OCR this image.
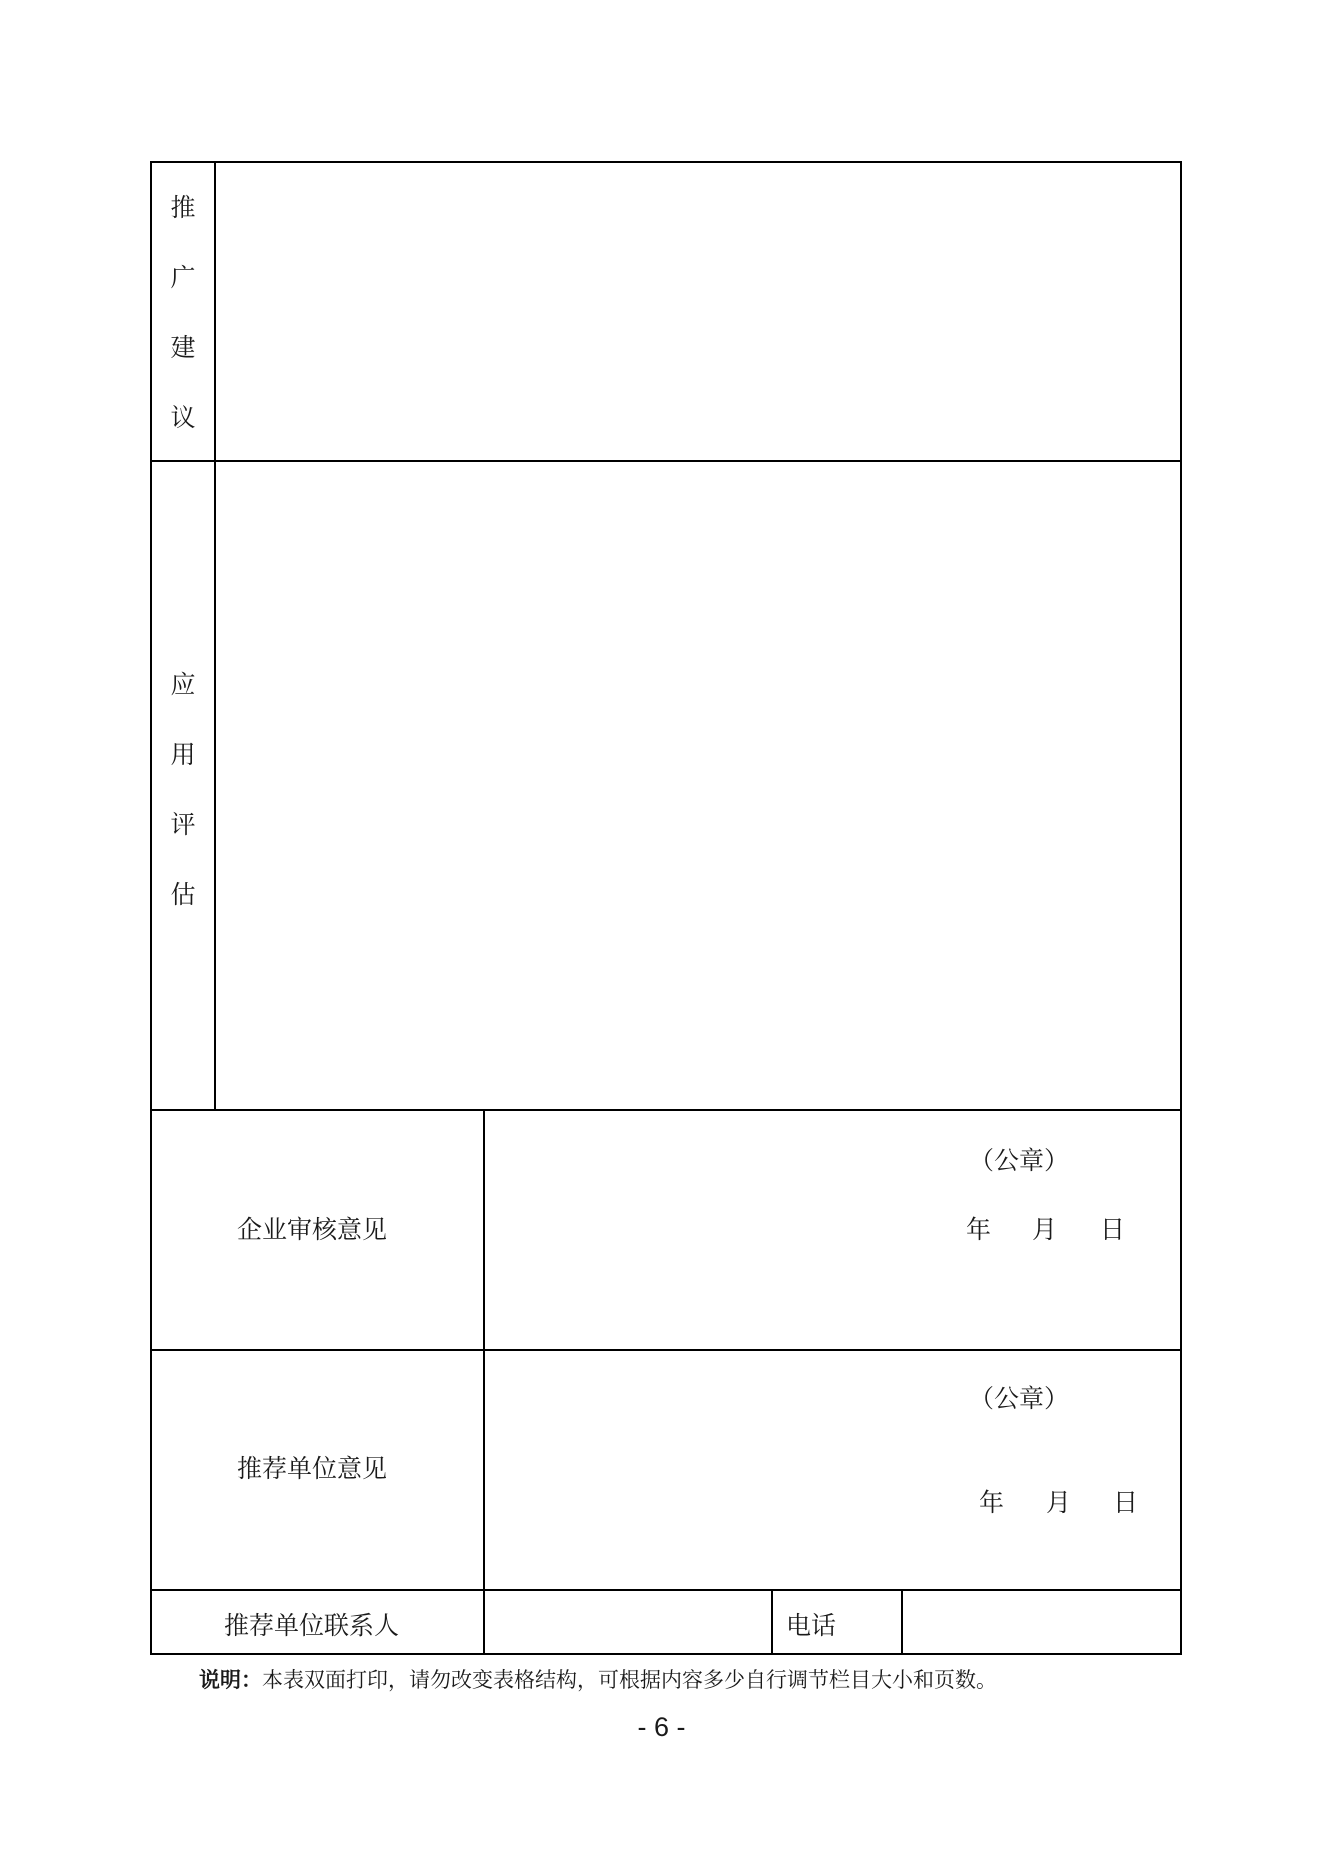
推
广
建
议
应
用
评
估
企业审核意见
（公章）
年 月 日
推荐单位意见
（公章）
年 月 日
推荐单位联系人	电话
说明：本表双面打印，请勿改变表格结构，可根据内容多少自行调节栏目大小和页数。
- 6 -
